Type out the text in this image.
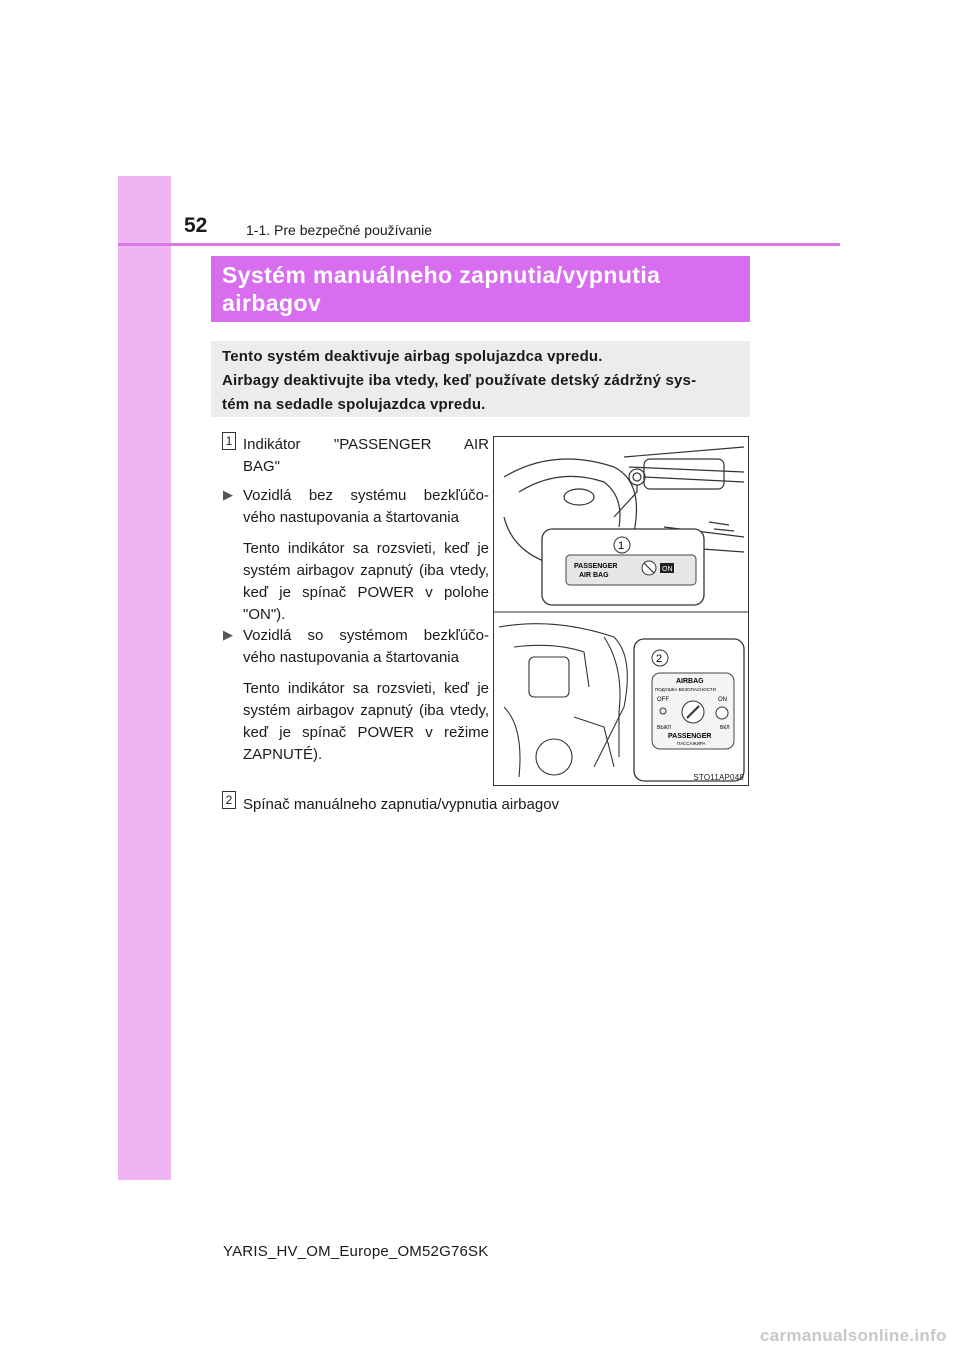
52	1-1. Pre bezpečné používanie
Systém manuálneho zapnutia/vypnutia
airbagov
Tento systém deaktivuje airbag spolujazdca vpredu.
Airbagy deaktivujte iba vtedy, keď používate detský zádržný sys-
tém na sedadle spolujazdca vpredu.
1 Indikátor "PASSENGER AIR
BAG"
▶ Vozidlá bez systému bezkľúčo-
vého nastupovania a štartovania
Tento indikátor sa rozsvieti, keď je systém airbagov zapnutý (iba vtedy, keď je spínač POWER v polohe "ON").
▶ Vozidlá so systémom bezkľúčo-
vého nastupovania a štartovania
Tento indikátor sa rozsvieti, keď je systém airbagov zapnutý (iba vtedy, keď je spínač POWER v režime ZAPNUTÉ).
2 Spínač manuálneho zapnutia/vypnutia airbagov
PASSENGER
AIR BAG
ON
1
2
AIRBAG
ПОДУШКА БЕЗОПАСНОСТИ
OFF	ON
ВЫКЛ	ВКЛ
PASSENGER
ПАССАЖИРА
STO11AP049
YARIS_HV_OM_Europe_OM52G76SK
carmanualsonline.info
